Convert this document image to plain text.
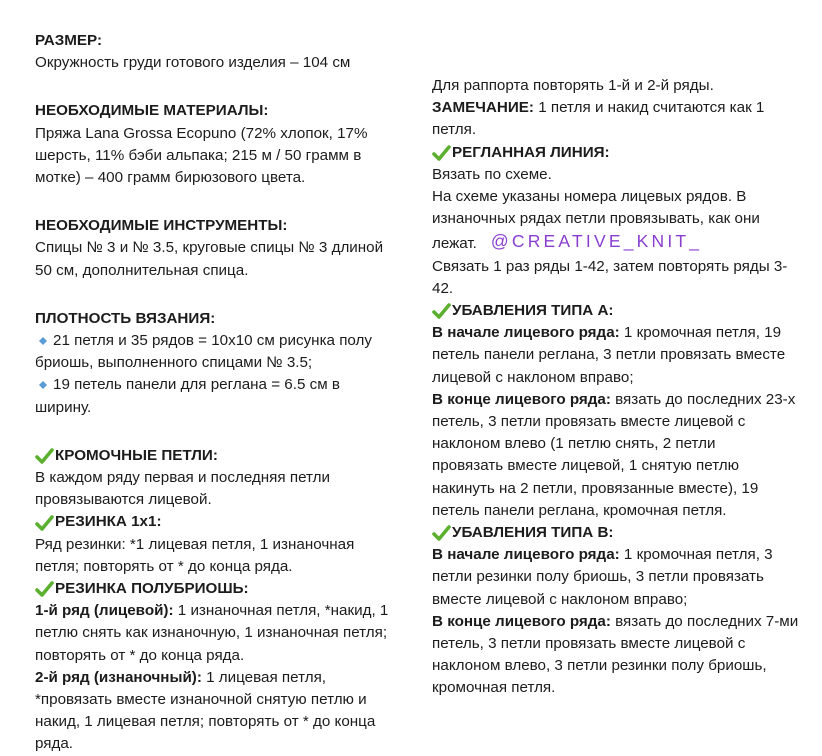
РАЗМЕР:

Окружность груди готового изделия – 104 см

НЕОБХОДИМЫЕ МАТЕРИАЛЫ:

Пряжа Lana Grossa Ecopuno (72% хлопок, 17%

шерсть, 11% бэби альпака; 215 м / 50 грамм в

мотке) – 400 грамм бирюзового цвета.

НЕОБХОДИМЫЕ ИНСТРУМЕНТЫ:

Спицы № 3 и № 3.5, круговые спицы № 3 длиной

50 см, дополнительная спица.

ПЛОТНОСТЬ ВЯЗАНИЯ:

21 петля и 35 рядов = 10x10 см рисунка полу

бриошь, выполненного спицами № 3.5;

19 петель панели для реглана = 6.5 см в

ширину.

КРОМОЧНЫЕ ПЕТЛИ:

В каждом ряду первая и последняя петли

провязываются лицевой.

РЕЗИНКА 1x1:

Ряд резинки: *1 лицевая петля, 1 изнаночная

петля; повторять от * до конца ряда.

РЕЗИНКА ПОЛУБРИОШЬ:

1-й ряд (лицевой): 1 изнаночная петля, *накид, 1

петлю снять как изнаночную, 1 изнаночная петля;

повторять от * до конца ряда.

2-й ряд (изнаночный): 1 лицевая петля,

*провязать вместе изнаночной снятую петлю и

накид, 1 лицевая петля; повторять от * до конца

ряда.

Для раппорта повторять 1-й и 2-й ряды.

ЗАМЕЧАНИЕ: 1 петля и накид считаются как 1

петля.

РЕГЛАННАЯ ЛИНИЯ:

Вязать по схеме.

На схеме указаны номера лицевых рядов. В

изнаночных рядах петли провязывать, как они

лежат. @CREATIVE_KNIT_

Связать 1 раз ряды 1-42, затем повторять ряды 3-

42.

УБАВЛЕНИЯ ТИПА А:

В начале лицевого ряда: 1 кромочная петля, 19

петель панели реглана, 3 петли провязать вместе

лицевой с наклоном вправо;

В конце лицевого ряда: вязать до последних 23-х

петель, 3 петли провязать вместе лицевой с

наклоном влево (1 петлю снять, 2 петли

провязать вместе лицевой, 1 снятую петлю

накинуть на 2 петли, провязанные вместе), 19

петель панели реглана, кромочная петля.

УБАВЛЕНИЯ ТИПА В:

В начале лицевого ряда: 1 кромочная петля, 3

петли резинки полу бриошь, 3 петли провязать

вместе лицевой с наклоном вправо;

В конце лицевого ряда: вязать до последних 7-ми

петель, 3 петли провязать вместе лицевой с

наклоном влево, 3 петли резинки полу бриошь,

кромочная петля.
